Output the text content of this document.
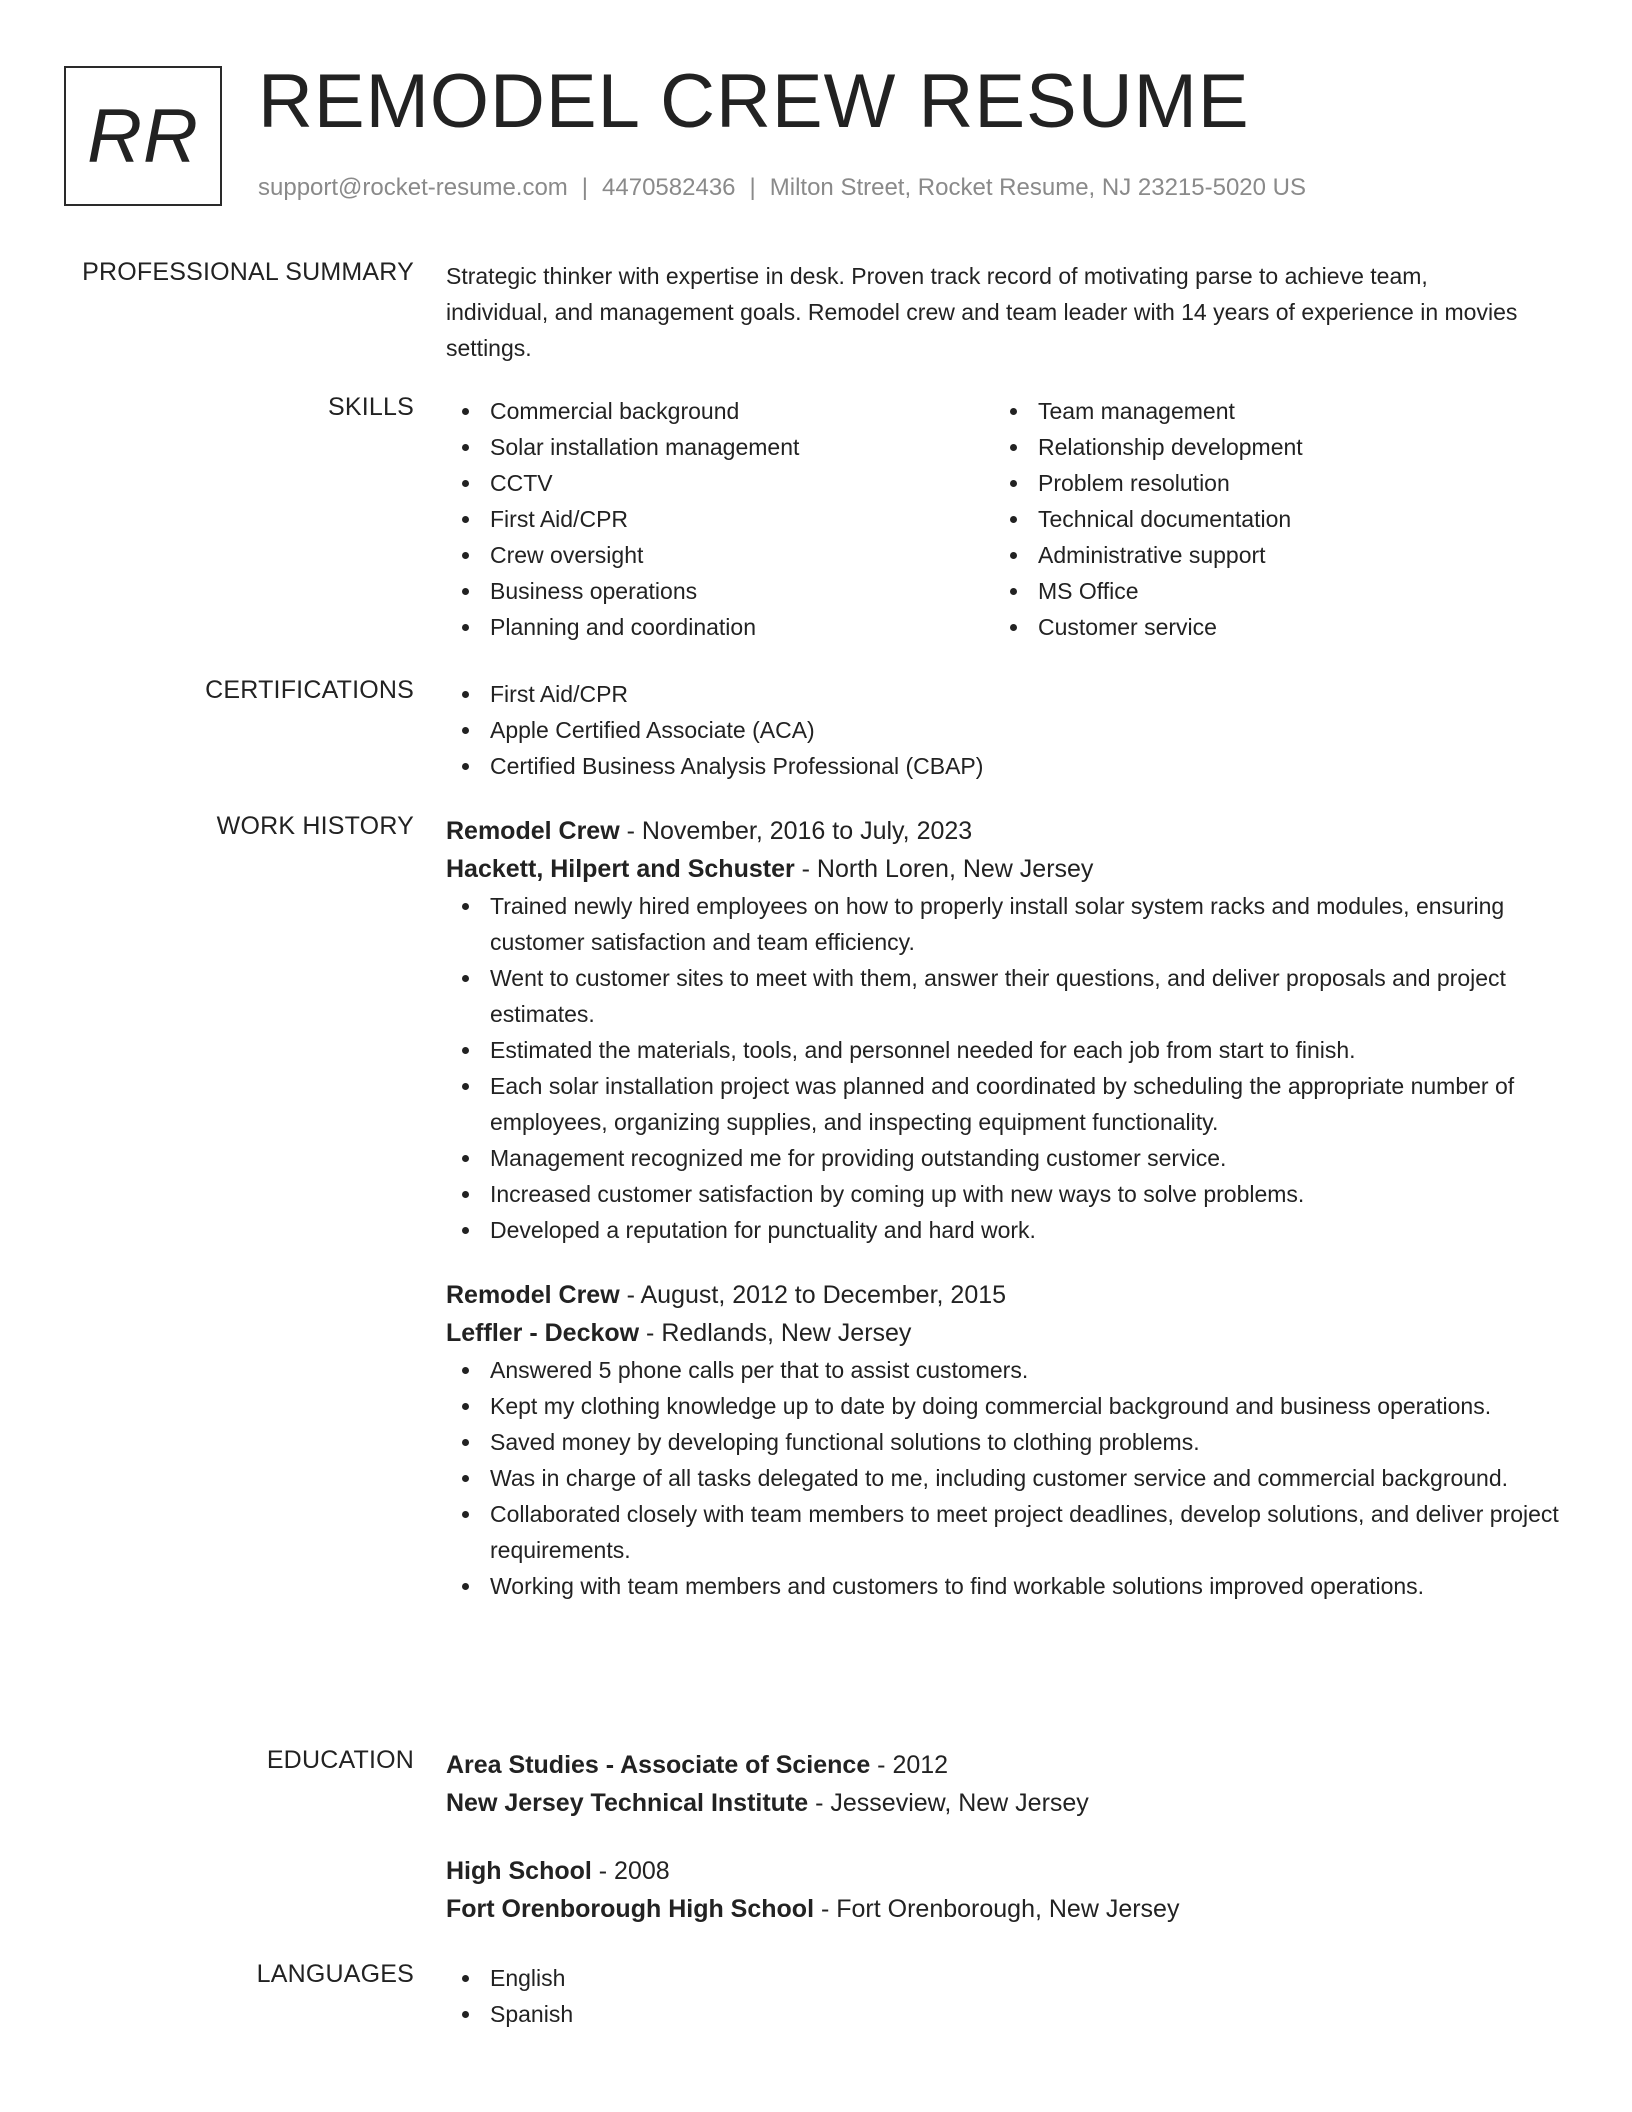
RR REMODEL CREW RESUME
support@rocket-resume.com | 4470582436 | Milton Street, Rocket Resume, NJ 23215-5020 US
PROFESSIONAL SUMMARY Strategic thinker with expertise in desk. Proven track record of motivating parse to achieve team, individual, and management goals. Remodel crew and team leader with 14 years of experience in movies settings.

SKILLS	Commercial background
Solar installation management
CCTV
First Aid/CPR
Crew oversight
Business operations
Planning and coordination
Team management
Relationship development
Problem resolution
Technical documentation
Administrative support
MS Office
Customer service
CERTIFICATIONS	First Aid/CPR
Apple Certified Associate (ACA)
Certified Business Analysis Professional (CBAP)
WORK HISTORY Remodel Crew - November, 2016 to July, 2023
Hackett, Hilpert and Schuster - North Loren, New Jersey
Trained newly hired employees on how to properly install solar system racks and modules, ensuring customer satisfaction and team efficiency.
Went to customer sites to meet with them, answer their questions, and deliver proposals and project estimates.
Estimated the materials, tools, and personnel needed for each job from start to finish.
Each solar installation project was planned and coordinated by scheduling the appropriate number of employees, organizing supplies, and inspecting equipment functionality.
Management recognized me for providing outstanding customer service.
Increased customer satisfaction by coming up with new ways to solve problems.
Developed a reputation for punctuality and hard work.
Remodel Crew - August, 2012 to December, 2015
Leffler - Deckow - Redlands, New Jersey
Answered 5 phone calls per that to assist customers.
Kept my clothing knowledge up to date by doing commercial background and business operations.
Saved money by developing functional solutions to clothing problems.
Was in charge of all tasks delegated to me, including customer service and commercial background.
Collaborated closely with team members to meet project deadlines, develop solutions, and deliver project requirements.
Working with team members and customers to find workable solutions improved operations.
EDUCATION Area Studies - Associate of Science - 2012
New Jersey Technical Institute - Jesseview, New Jersey
High School - 2008
Fort Orenborough High School - Fort Orenborough, New Jersey
LANGUAGES	English
Spanish
